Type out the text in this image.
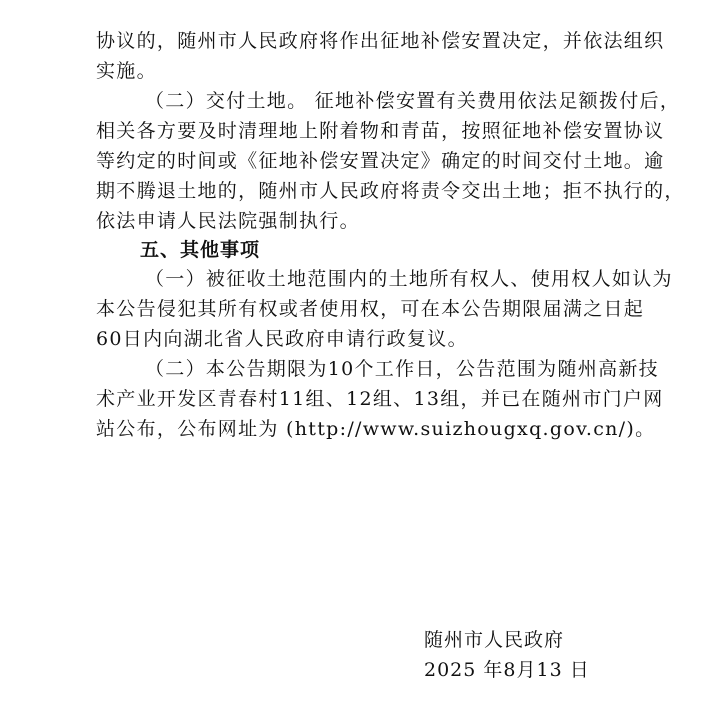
协议的，随州市人民政府将作出征地补偿安置决定，并依法组织
实施。
（二）交付土地。 征地补偿安置有关费用依法足额拨付后，
相关各方要及时清理地上附着物和青苗，按照征地补偿安置协议
等约定的时间或《征地补偿安置决定》确定的时间交付土地。逾
期不腾退土地的，随州市人民政府将责令交出土地；拒不执行的，
依法申请人民法院强制执行。
五、其他事项
（一）被征收土地范围内的土地所有权人、使用权人如认为
本公告侵犯其所有权或者使用权，可在本公告期限届满之日起
60日内向湖北省人民政府申请行政复议。
（二）本公告期限为10个工作日，公告范围为随州高新技
术产业开发区青春村11组、12组、13组，并已在随州市门户网
站公布，公布网址为 (http://www.suizhougxq.gov.cn/)。
随州市人民政府
2025 年8月13 日
